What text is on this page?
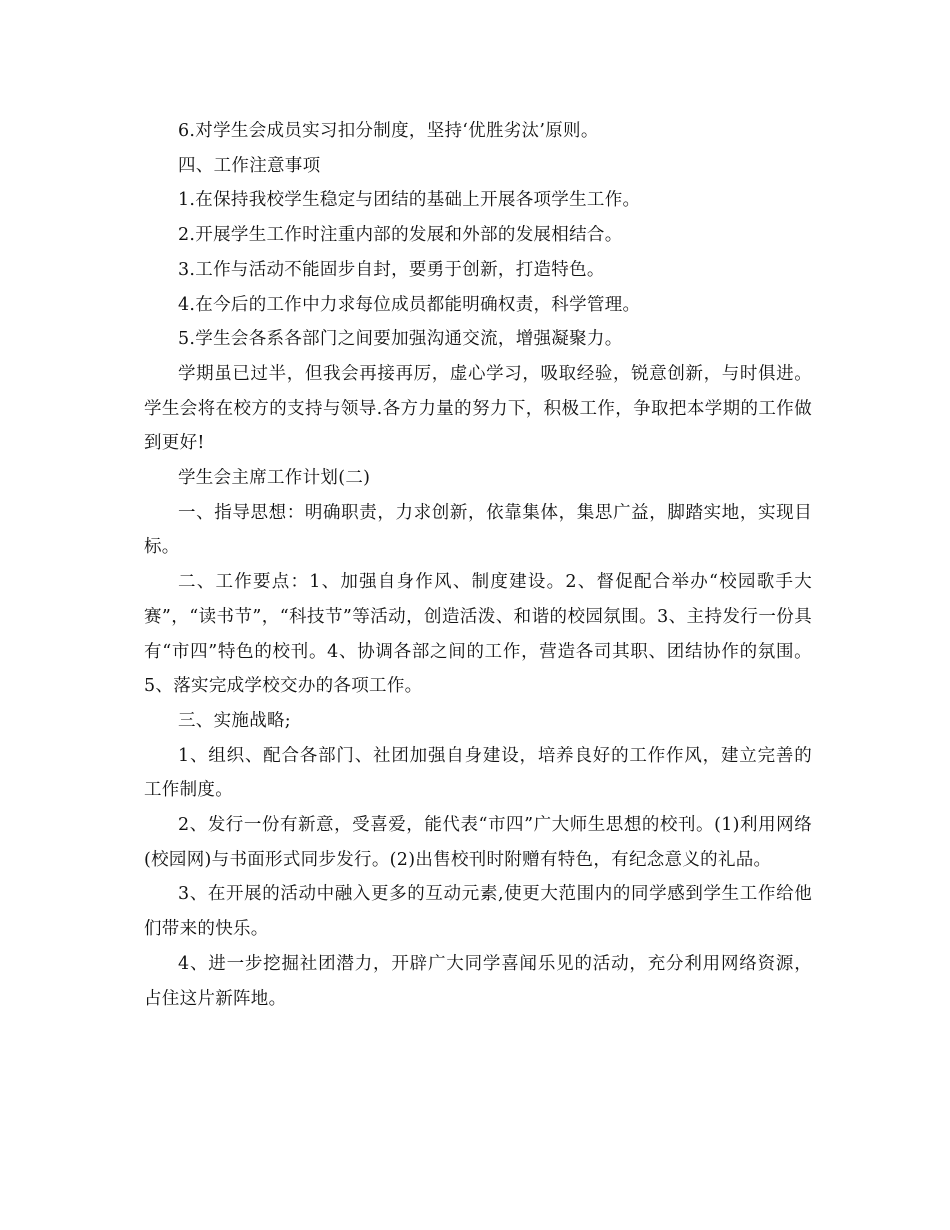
6.对学生会成员实习扣分制度，坚持‘优胜劣汰’原则。

四、工作注意事项

1.在保持我校学生稳定与团结的基础上开展各项学生工作。

2.开展学生工作时注重内部的发展和外部的发展相结合。

3.工作与活动不能固步自封，要勇于创新，打造特色。

4.在今后的工作中力求每位成员都能明确权责，科学管理。

5.学生会各系各部门之间要加强沟通交流，增强凝聚力。

学期虽已过半，但我会再接再厉，虚心学习，吸取经验，锐意创新，与时俱进。学生会将在校方的支持与领导.各方力量的努力下，积极工作，争取把本学期的工作做到更好!

学生会主席工作计划(二)

一、指导思想：明确职责，力求创新，依靠集体，集思广益，脚踏实地，实现目标。

二、工作要点：1、加强自身作风、制度建设。2、督促配合举办“校园歌手大赛”，“读书节”，“科技节”等活动，创造活泼、和谐的校园氛围。3、主持发行一份具有“市四”特色的校刊。4、协调各部之间的工作，营造各司其职、团结协作的氛围。5、落实完成学校交办的各项工作。

三、实施战略;

1、组织、配合各部门、社团加强自身建设，培养良好的工作作风，建立完善的工作制度。

2、发行一份有新意，受喜爱，能代表“市四”广大师生思想的校刊。(1)利用网络(校园网)与书面形式同步发行。(2)出售校刊时附赠有特色，有纪念意义的礼品。

3、在开展的活动中融入更多的互动元素,使更大范围内的同学感到学生工作给他们带来的快乐。

4、进一步挖掘社团潜力，开辟广大同学喜闻乐见的活动，充分利用网络资源，占住这片新阵地。
